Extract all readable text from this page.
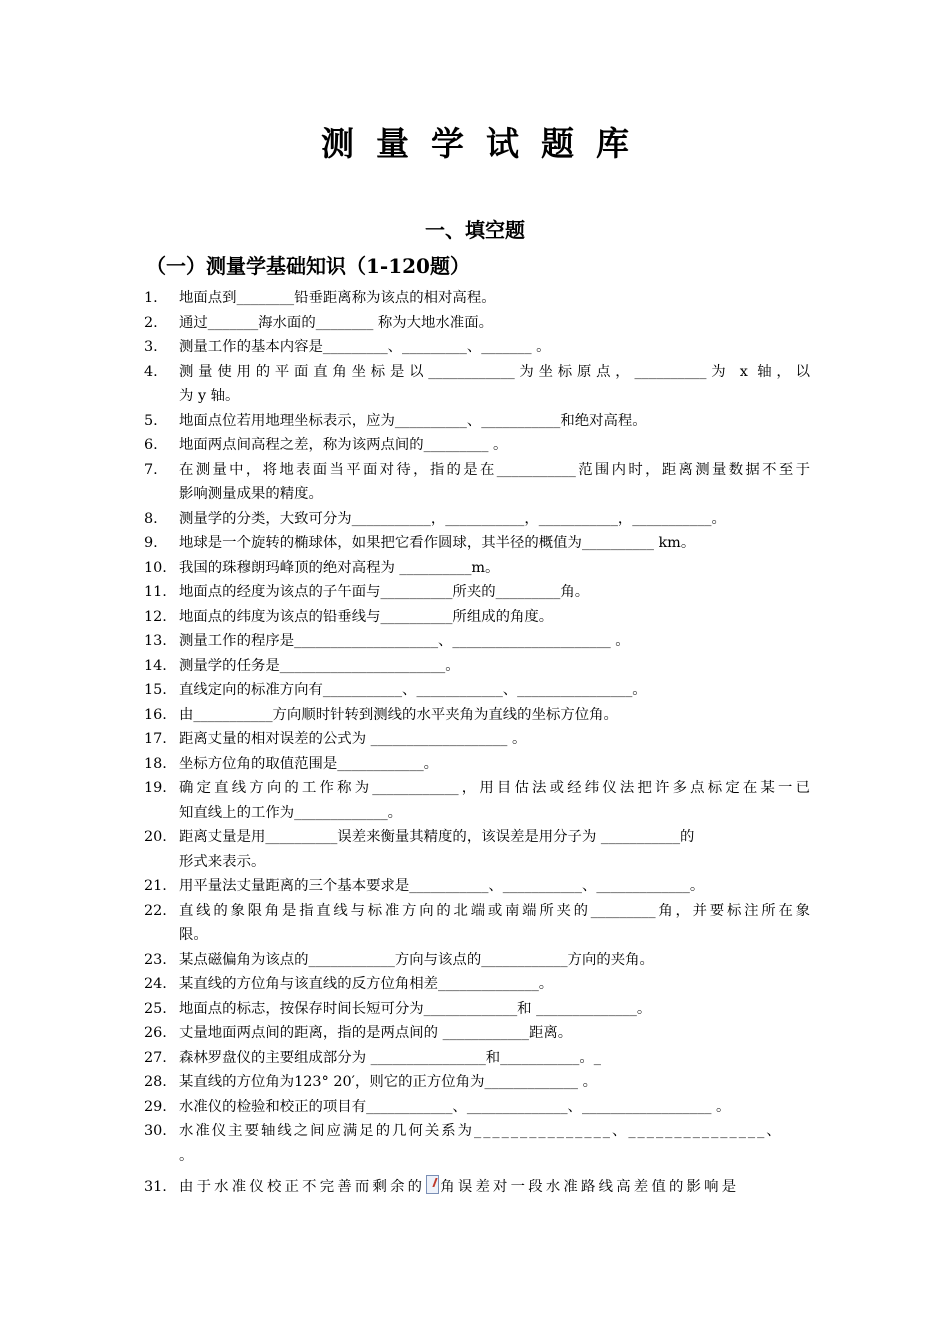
测量学试题库
一、填空题
（一）测量学基础知识（1-120题）
1. 地面点到________铅垂距离称为该点的相对高程。
2. 通过_______海水面的________ 称为大地水准面。
3. 测量工作的基本内容是_________、_________、_______ 。
4. 测量使用的平面直角坐标是以____________为坐标原点，__________为 x 轴，以
为 y 轴。
5. 地面点位若用地理坐标表示，应为__________、___________和绝对高程。
6. 地面两点间高程之差，称为该两点间的_________ 。
7. 在测量中，将地表面当平面对待，指的是在___________范围内时，距离测量数据不至于
影响测量成果的精度。
8. 测量学的分类，大致可分为___________，___________，___________，___________。
9. 地球是一个旋转的椭球体，如果把它看作圆球，其半径的概值为__________ km。
10. 我国的珠穆朗玛峰顶的绝对高程为 __________m。
11. 地面点的经度为该点的子午面与__________所夹的_________角。
12. 地面点的纬度为该点的铅垂线与__________所组成的角度。
13. 测量工作的程序是____________________、______________________ 。
14. 测量学的任务是_______________________。
15. 直线定向的标准方向有___________、____________、________________。
16. 由___________方向顺时针转到测线的水平夹角为直线的坐标方位角。
17. 距离丈量的相对误差的公式为 ___________________ 。
18. 坐标方位角的取值范围是____________。
19. 确定直线方向的工作称为____________，用目估法或经纬仪法把许多点标定在某一已
知直线上的工作为_____________。
20. 距离丈量是用__________误差来衡量其精度的，该误差是用分子为 ___________的
形式来表示。
21. 用平量法丈量距离的三个基本要求是___________、___________、_____________。
22. 直线的象限角是指直线与标准方向的北端或南端所夹的_________角，并要标注所在象
限。
23. 某点磁偏角为该点的____________方向与该点的____________方向的夹角。
24. 某直线的方位角与该直线的反方位角相差______________。
25. 地面点的标志，按保存时间长短可分为_____________和 ______________。
26. 丈量地面两点间的距离，指的是两点间的 ____________距离。
27. 森林罗盘仪的主要组成部分为 ________________和___________。_
28. 某直线的方位角为123° 20′，则它的正方位角为_____________ 。
29. 水准仪的检验和校正的项目有____________、______________、__________________ 。
30. 水准仪主要轴线之间应满足的几何关系为_______________、_______________、
。
31. 由于水准仪校正不完善而剩余的 角误差对一段水准路线高差值的影响是
